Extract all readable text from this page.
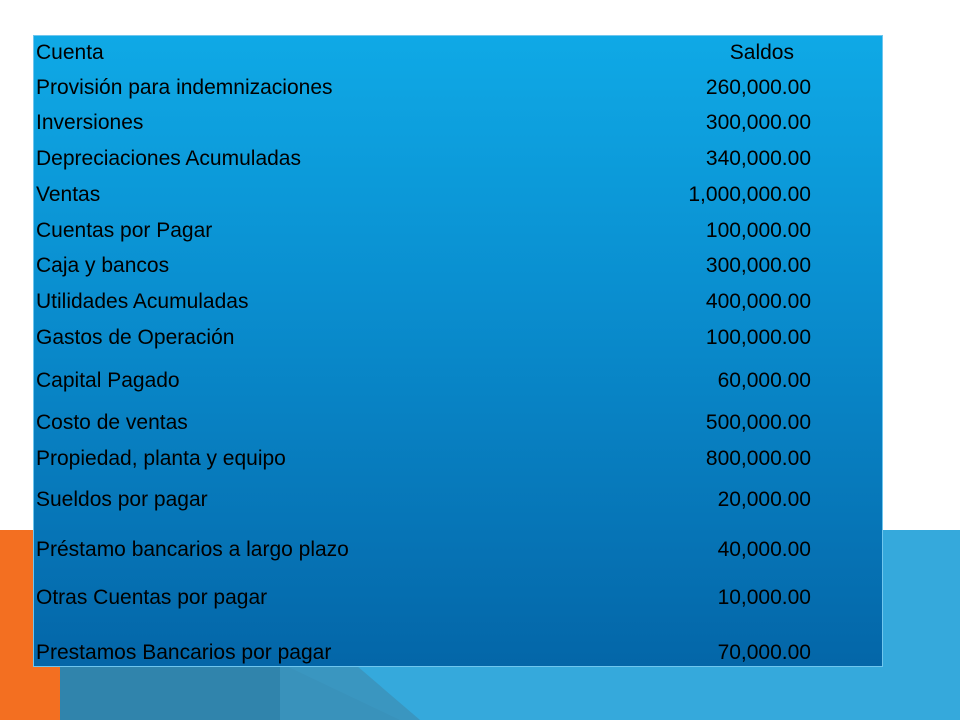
Cuenta	Saldos
Provisión para indemnizaciones	260,000.00
Inversiones	300,000.00
Depreciaciones Acumuladas	340,000.00
Ventas	1,000,000.00
Cuentas por Pagar	100,000.00
Caja y bancos	300,000.00
Utilidades Acumuladas	400,000.00
Gastos de Operación	100,000.00
Capital Pagado	60,000.00
Costo de ventas	500,000.00
Propiedad, planta y equipo	800,000.00
Sueldos por pagar	20,000.00
Préstamo bancarios a largo plazo	40,000.00
Otras Cuentas por pagar	10,000.00
Prestamos Bancarios por pagar	70,000.00
